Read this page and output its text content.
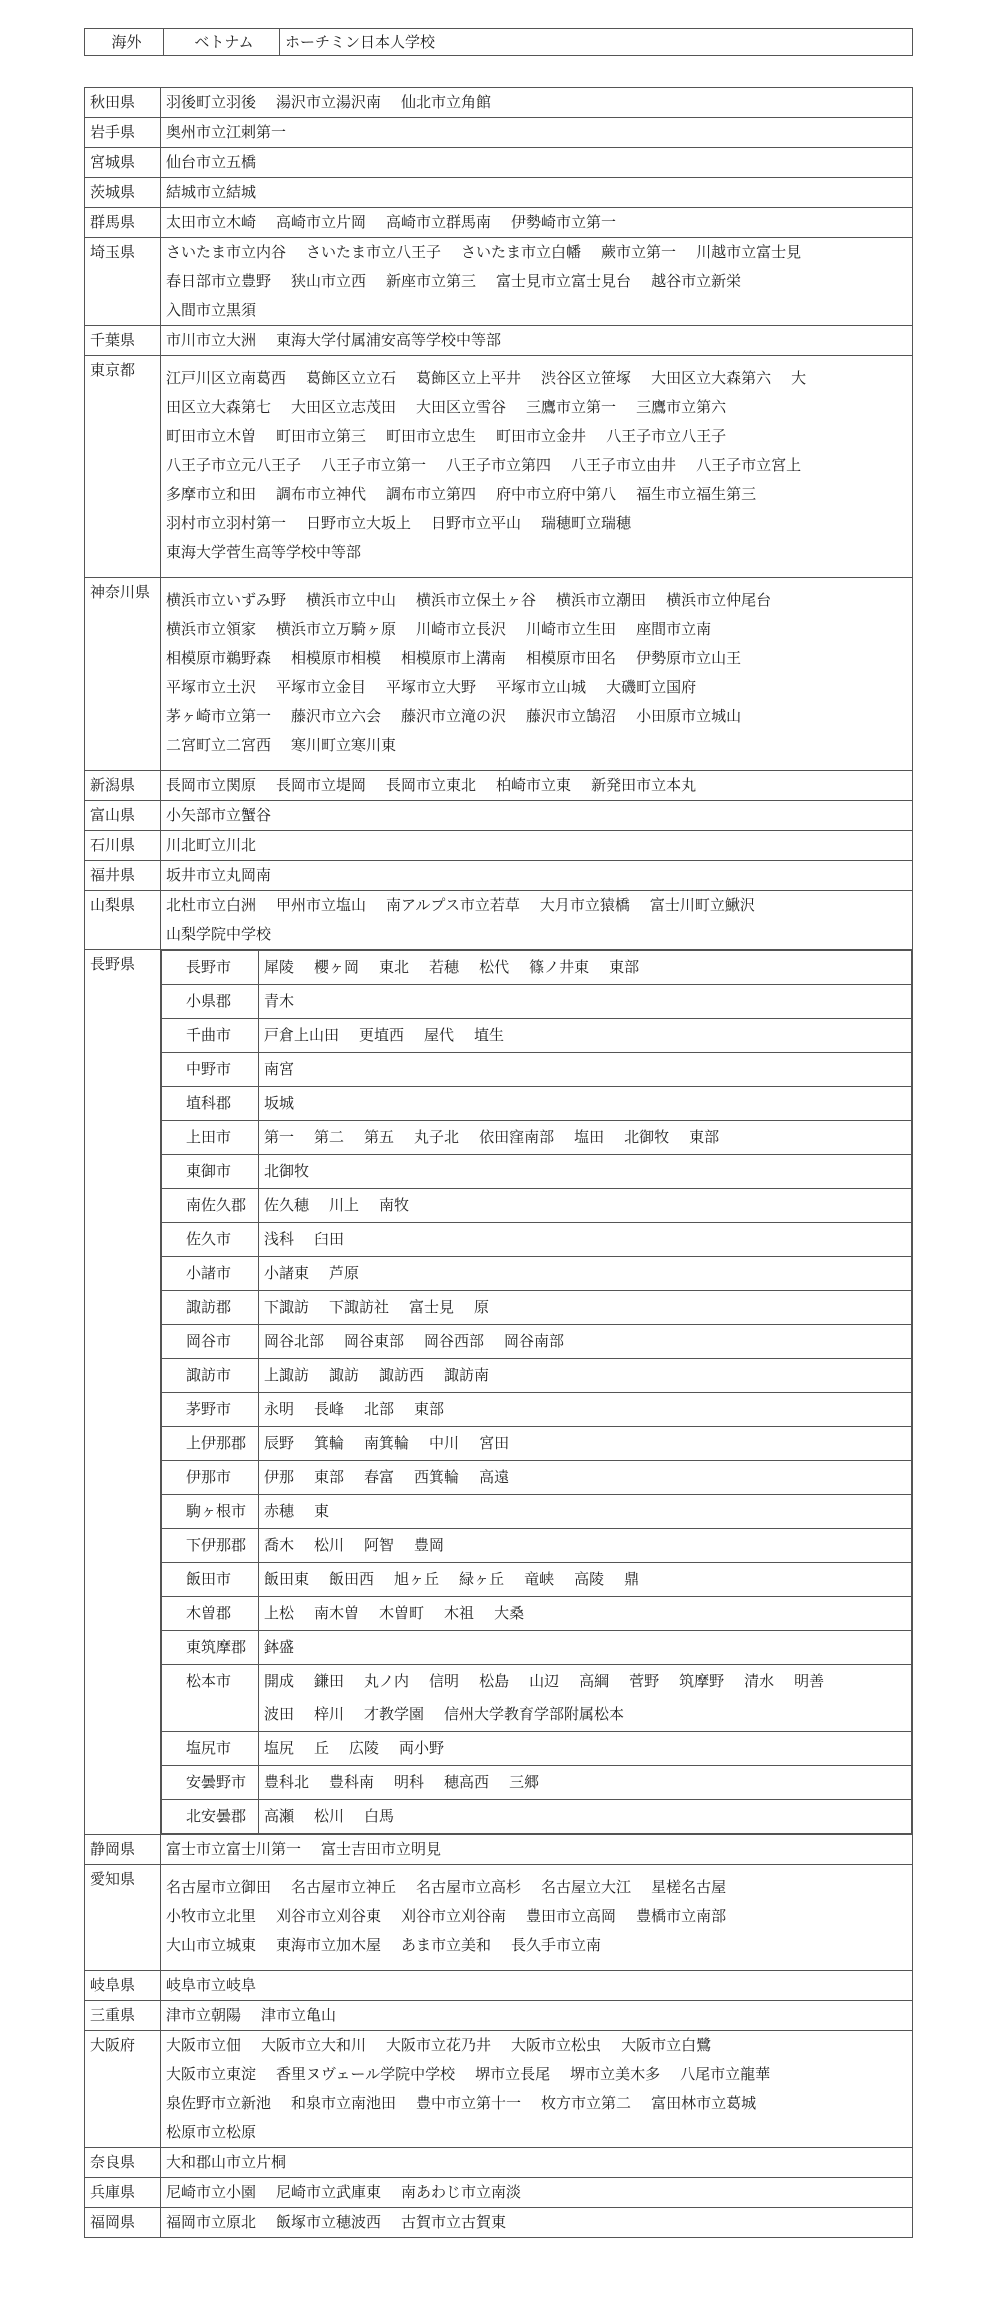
海外	ベトナム	ホーチミン日本人学校
秋田県	羽後町立羽後 湯沢市立湯沢南 仙北市立角館

岩手県	奥州市立江刺第一

宮城県	仙台市立五橋

茨城県	結城市立結城

群馬県	太田市立木崎 高崎市立片岡 高崎市立群馬南 伊勢崎市立第一

埼玉県	さいたま市立内谷 さいたま市立八王子 さいたま市立白幡 蕨市立第一 川越市立富士見
春日部市立豊野 狭山市立西 新座市立第三 富士見市立富士見台 越谷市立新栄
入間市立黒須

千葉県	市川市立大洲 東海大学付属浦安高等学校中等部

東京都	江戸川区立南葛西 葛飾区立立石 葛飾区立上平井 渋谷区立笹塚 大田区立大森第六 大
田区立大森第七 大田区立志茂田 大田区立雪谷 三鷹市立第一 三鷹市立第六
町田市立木曽 町田市立第三 町田市立忠生 町田市立金井 八王子市立八王子
八王子市立元八王子 八王子市立第一 八王子市立第四 八王子市立由井 八王子市立宮上
多摩市立和田 調布市立神代 調布市立第四 府中市立府中第八 福生市立福生第三
羽村市立羽村第一 日野市立大坂上 日野市立平山 瑞穂町立瑞穂
東海大学菅生高等学校中等部

神奈川県	横浜市立いずみ野 横浜市立中山 横浜市立保土ヶ谷 横浜市立潮田 横浜市立仲尾台
横浜市立領家 横浜市立万騎ヶ原 川崎市立長沢 川崎市立生田 座間市立南
相模原市鵜野森 相模原市相模 相模原市上溝南 相模原市田名 伊勢原市立山王
平塚市立土沢 平塚市立金目 平塚市立大野 平塚市立山城 大磯町立国府
茅ヶ崎市立第一 藤沢市立六会 藤沢市立滝の沢 藤沢市立鵠沼 小田原市立城山
二宮町立二宮西 寒川町立寒川東

新潟県	長岡市立関原 長岡市立堤岡 長岡市立東北 柏崎市立東 新発田市立本丸

富山県	小矢部市立蟹谷

石川県	川北町立川北

福井県	坂井市立丸岡南

山梨県	北杜市立白洲 甲州市立塩山 南アルプス市立若草 大月市立猿橋 富士川町立鰍沢
山梨学院中学校

長野県		長野市	犀陵 櫻ヶ岡 東北 若穂 松代 篠ノ井東 東部

小県郡	青木

千曲市	戸倉上山田 更埴西 屋代 埴生

中野市	南宮

埴科郡	坂城

上田市	第一 第二 第五 丸子北 依田窪南部 塩田 北御牧 東部

東御市	北御牧

南佐久郡	佐久穂 川上 南牧

佐久市	浅科 臼田

小諸市	小諸東 芦原

諏訪郡	下諏訪 下諏訪社 富士見 原

岡谷市	岡谷北部 岡谷東部 岡谷西部 岡谷南部

諏訪市	上諏訪 諏訪 諏訪西 諏訪南

茅野市	永明 長峰 北部 東部

上伊那郡	辰野 箕輪 南箕輪 中川 宮田

伊那市	伊那 東部 春富 西箕輪 高遠

駒ヶ根市	赤穂 東

下伊那郡	喬木 松川 阿智 豊岡

飯田市	飯田東 飯田西 旭ヶ丘 緑ヶ丘 竜峡 高陵 鼎

木曽郡	上松 南木曽 木曽町 木祖 大桑

東筑摩郡	鉢盛

松本市	開成 鎌田 丸ノ内 信明 松島 山辺 高綱 菅野 筑摩野 清水 明善
波田 梓川 才教学園 信州大学教育学部附属松本

塩尻市	塩尻 丘 広陵 両小野

安曇野市	豊科北 豊科南 明科 穂高西 三郷

北安曇郡	高瀬 松川 白馬

静岡県	富士市立富士川第一 富士吉田市立明見

愛知県	名古屋市立御田 名古屋市立神丘 名古屋市立高杉 名古屋立大江 星槎名古屋
小牧市立北里 刈谷市立刈谷東 刈谷市立刈谷南 豊田市立高岡 豊橋市立南部
大山市立城東 東海市立加木屋 あま市立美和 長久手市立南

岐阜県	岐阜市立岐阜

三重県	津市立朝陽 津市立亀山

大阪府	大阪市立佃 大阪市立大和川 大阪市立花乃井 大阪市立松虫 大阪市立白鷺
大阪市立東淀 香里ヌヴェール学院中学校 堺市立長尾 堺市立美木多 八尾市立龍華
泉佐野市立新池 和泉市立南池田 豊中市立第十一 枚方市立第二 富田林市立葛城
松原市立松原

奈良県	大和郡山市立片桐

兵庫県	尼崎市立小園 尼崎市立武庫東 南あわじ市立南淡

福岡県	福岡市立原北 飯塚市立穂波西 古賀市立古賀東
